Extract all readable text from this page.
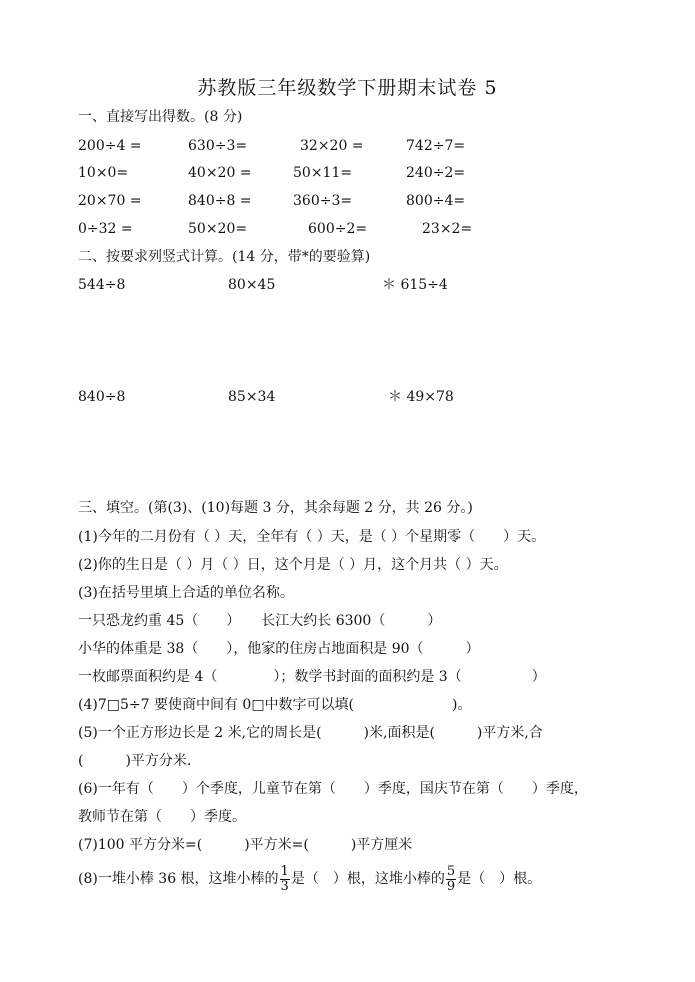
苏教版三年级数学下册期末试卷 5
一、直接写出得数。(8 分)
200÷4 =	630÷3=	32×20 =	742÷7=
10×0=	40×20 =	50×11=	240÷2=
20×70 =	840÷8 =	360÷3=	800÷4=
0÷32 =	50×20=	600÷2=	23×2=
二、按要求列竖式计算。(14 分，带*的要验算)
544÷8	80×45	＊ 615÷4
840÷8	85×34	＊ 49×78
三、填空。(第(3)、(10)每题 3 分，其余每题 2 分，共 26 分。)
(1)今年的二月份有（ ）天，全年有（ ）天，是（ ）个星期零（　　）天。
(2)你的生日是（ ）月（ ）日，这个月是（ ）月，这个月共（ ）天。
(3)在括号里填上合适的单位名称。
一只恐龙约重 45（　　）　　长江大约长 6300（　　　）
小华的体重是 38（　　），他家的住房占地面积是 90（　　　）
一枚邮票面积约是 4（　　　　）；数学书封面的面积约是 3（　　　　　）
(4)7□5÷7 要使商中间有 0□中数字可以填(　　　　　　　)。
(5)一个正方形边长是 2 米,它的周长是(　　　)米,面积是(　　　)平方米,合
(　　　)平方分米.
(6)一年有（　　）个季度，儿童节在第（　　）季度，国庆节在第（　　）季度，
教师节在第（　　）季度。
(7)100 平方分米=(　　　)平方米=(　　　)平方厘米
(8)一堆小棒 36 根，这堆小棒的 $\frac{1}{3}$ 是（　）根，这堆小棒的 $\frac{5}{9}$ 是（　）根。
